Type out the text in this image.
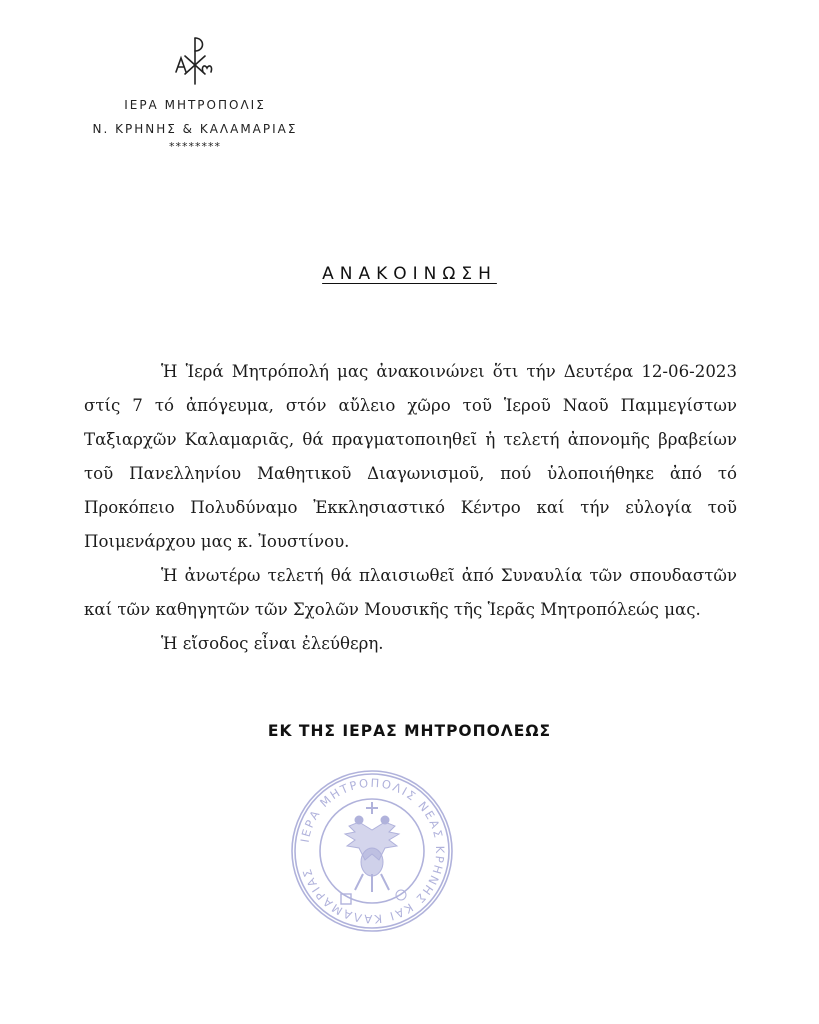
ΙΕΡΑ ΜΗΤΡΟΠΟΛΙΣ
Ν. ΚΡΗΝΗΣ & ΚΑΛΑΜΑΡΙΑΣ
********
ΑΝΑΚΟΙΝΩΣΗ

Ἡ Ἱερά Μητρόπολή μας ἀνακοινώνει ὅτι τήν Δευτέρα 12-06-2023 στίς 7 τό ἀπόγευμα, στόν αὔλειο χῶρο τοῦ Ἱεροῦ Ναοῦ Παμμεγίστων Ταξιαρχῶν Καλαμαριᾶς, θά πραγματοποιηθεῖ ἡ τελετή ἀπονομῆς βραβείων τοῦ Πανελληνίου Μαθητικοῦ Διαγωνισμοῦ, πού ὑλοποιήθηκε ἀπό τό Προκόπειο Πολυδύναμο Ἐκκλησιαστικό Κέντρο καί τήν εὐλογία τοῦ Ποιμενάρχου μας κ. Ἰουστίνου.

Ἡ ἀνωτέρω τελετή θά πλαισιωθεῖ ἀπό Συναυλία τῶν σπουδαστῶν καί τῶν καθηγητῶν τῶν Σχολῶν Μουσικῆς τῆς Ἱερᾶς Μητροπόλεώς μας.

Ἡ εἴσοδος εἶναι ἐλεύθερη.

ΕΚ ΤΗΣ ΙΕΡΑΣ ΜΗΤΡΟΠΟΛΕΩΣ
ΙΕΡΑ ΜΗΤΡΟΠΟΛΙΣ ΝΕΑΣ ΚΡΗΝΗΣ ΚΑΙ ΚΑΛΑΜΑΡΙΑΣ
